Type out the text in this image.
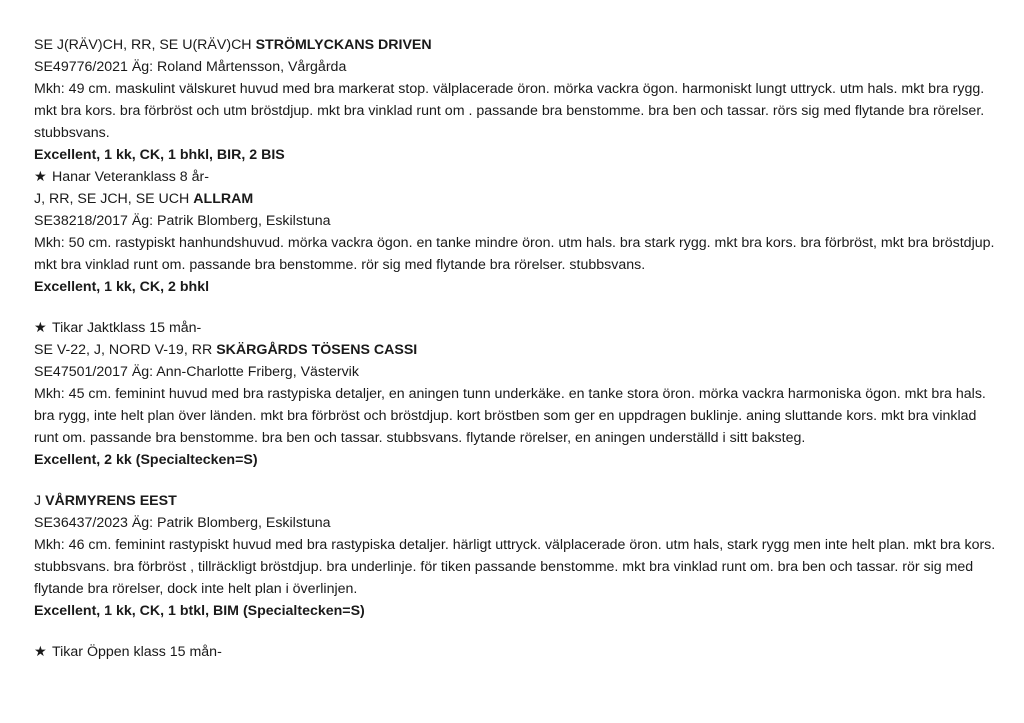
SE J(RÄV)CH, RR, SE U(RÄV)CH STRÖMLYCKANS DRIVEN
SE49776/2021 Äg: Roland Mårtensson, Vårgårda
Mkh: 49 cm. maskulint välskuret huvud med bra markerat stop. välplacerade öron. mörka vackra ögon. harmoniskt lungt uttryck. utm hals. mkt bra rygg. mkt bra kors. bra förbröst och utm bröstdjup. mkt bra vinklad runt om . passande bra benstomme. bra ben och tassar. rörs sig med flytande bra rörelser. stubbsvans.
Excellent, 1 kk, CK, 1 bhkl, BIR, 2 BIS
★ Hanar Veteranklass 8 år-
J, RR, SE JCH, SE UCH ALLRAM
SE38218/2017 Äg: Patrik Blomberg, Eskilstuna
Mkh: 50 cm. rastypiskt hanhundshuvud. mörka vackra ögon. en tanke mindre öron. utm hals. bra stark rygg. mkt bra kors. bra förbröst, mkt bra bröstdjup. mkt bra vinklad runt om. passande bra benstomme. rör sig med flytande bra rörelser. stubbsvans.
Excellent, 1 kk, CK, 2 bhkl
★ Tikar Jaktklass 15 mån-
SE V-22, J, NORD V-19, RR SKÄRGÅRDS TÖSENS CASSI
SE47501/2017 Äg: Ann-Charlotte Friberg, Västervik
Mkh: 45 cm. feminint huvud med bra rastypiska detaljer, en aningen tunn underkäke. en tanke stora öron. mörka vackra harmoniska ögon. mkt bra hals. bra rygg, inte helt plan över länden. mkt bra förbröst och bröstdjup. kort bröstben som ger en uppdragen buklinje. aning sluttande kors. mkt bra vinklad runt om. passande bra benstomme. bra ben och tassar. stubbsvans. flytande rörelser, en aningen underställd i sitt baksteg.
Excellent, 2 kk (Specialtecken=S)
J VÅRMYRENS EEST
SE36437/2023 Äg: Patrik Blomberg, Eskilstuna
Mkh: 46 cm. feminint rastypiskt huvud med bra rastypiska detaljer. härligt uttryck. välplacerade öron. utm hals, stark rygg men inte helt plan. mkt bra kors. stubbsvans. bra förbröst , tillräckligt bröstdjup. bra underlinje. för tiken passande benstomme. mkt bra vinklad runt om. bra ben och tassar. rör sig med flytande bra rörelser, dock inte helt plan i överlinjen.
Excellent, 1 kk, CK, 1 btkl, BIM (Specialtecken=S)
★ Tikar Öppen klass 15 mån-
